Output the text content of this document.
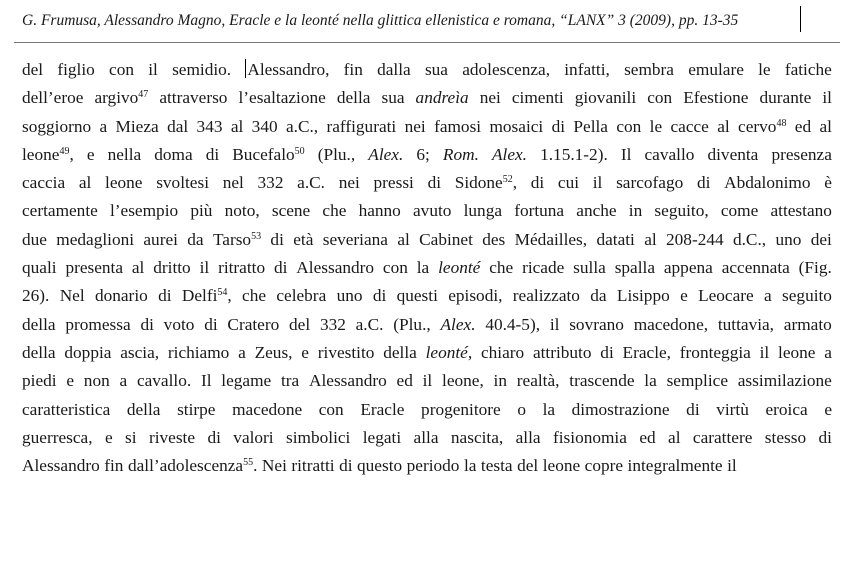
G. Frumusa, Alessandro Magno, Eracle e la leonté nella glittica ellenistica e romana, “LANX” 3 (2009), pp. 13-35
del figlio con il semidio. Alessandro, fin dalla sua adolescenza, infatti, sembra emulare le fatiche
dell’eroe argivo$^{47}$ attraverso l’esaltazione della sua andreìa nei cimenti giovanili con Efestione durante il
soggiorno a Mieza dal 343 al 340 a.C., raffigurati nei famosi mosaici di Pella con le cacce al cervo$^{48}$ ed al
leone$^{49}$, e nella doma di Bucefalo$^{50}$ (Plu., Alex. 6; Rom. Alex. 1.15.1-2). Il cavallo diventa presenza
caccia al leone svoltesi nel 332 a.C. nei pressi di Sidone$^{52}$, di cui il sarcofago di Abdalonimo è
certamente l’esempio più noto, scene che hanno avuto lunga fortuna anche in seguito, come attestano
due medaglioni aurei da Tarso$^{53}$ di età severiana al Cabinet des Médailles, datati al 208-244 d.C., uno dei
quali presenta al dritto il ritratto di Alessandro con la leonté che ricade sulla spalla appena accennata (Fig.
26). Nel donario di Delfi$^{54}$, che celebra uno di questi episodi, realizzato da Lisippo e Leocare a seguito
della promessa di voto di Cratero del 332 a.C. (Plu., Alex. 40.4-5), il sovrano macedone, tuttavia, armato
della doppia ascia, richiamo a Zeus, e rivestito della leonté, chiaro attributo di Eracle, fronteggia il leone a
piedi e non a cavallo. Il legame tra Alessandro ed il leone, in realtà, trascende la semplice assimilazione
caratteristica della stirpe macedone con Eracle progenitore o la dimostrazione di virtù eroica e
guerresca, e si riveste di valori simbolici legati alla nascita, alla fisionomia ed al carattere stesso di
Alessandro fin dall’adolescenza$^{55}$. Nei ritratti di questo periodo la testa del leone copre integralmente il
